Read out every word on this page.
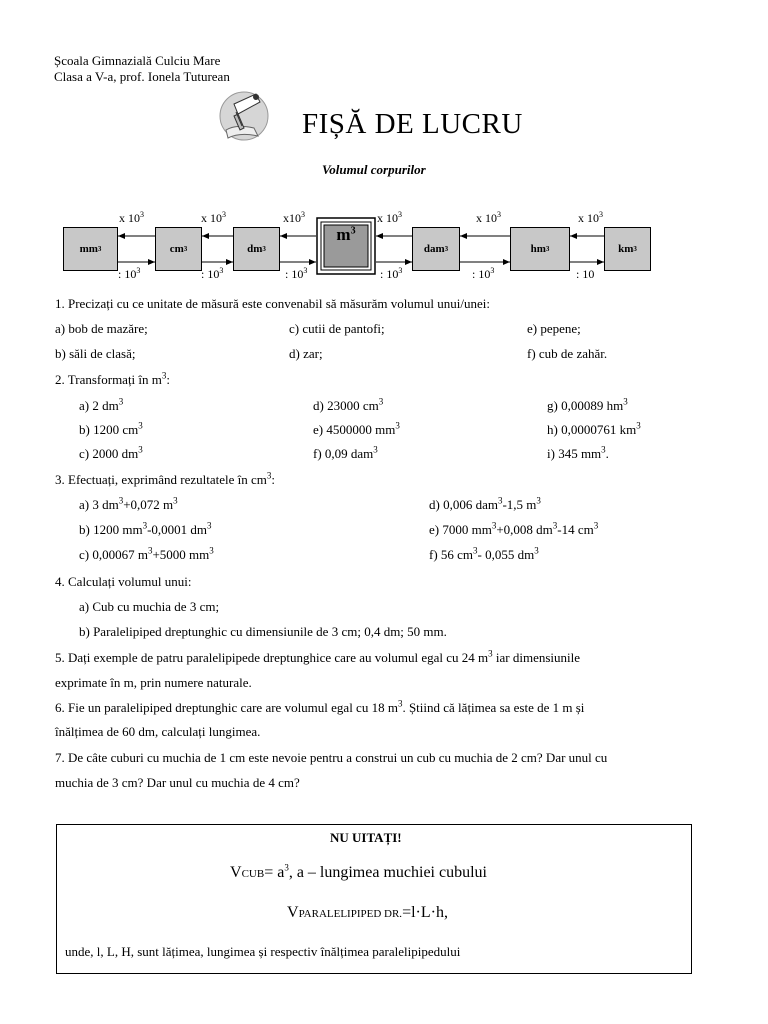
Școala Gimnazială Culciu Mare
Clasa a V-a, prof. Ionela Tuturean
FIȘĂ DE LUCRU
Volumul corpurilor
mm 3	cm 3	dm 3
$m^3$
dam 3	hm 3	km 3
x $10^3$	x $10^3$	$x10^3$	x $10^3$	x $10^3$	x $10^3$
: $10^3$	: $10^3$	: $10^3$	: $10^3$	: $10^3$	: 10
1. Precizați cu ce unitate de măsură este convenabil să măsurăm volumul unui/unei:
a) bob de mazăre;	c) cutii de pantofi;	e) pepene;
b) săli de clasă;	d) zar;	f) cub de zahăr.
2. Transformați în $m^3$:
a) 2 $dm^3$	d) 23000 $cm^3$	g) 0,00089 $hm^3$
b) 1200 $cm^3$	e) 4500000 $mm^3$	h) 0,0000761 $km^3$
c) 2000 $dm^3$	f) 0,09 dam$^3$	i) 345 $mm^3$.
3. Efectuați, exprimând rezultatele în $cm^3$:
a) 3 $dm^3+0,072$ $m^3$	d) 0,006 dam$^3$-1,5 $m^3$
b) 1200 $mm^3-0,0001$ $dm^3$	e) 7000 $mm^3+0,008$ $dm^3-14$ $cm^3$
c) 0,00067 $m^3+5000$ $mm^3$	f) 56 $cm^3-$ 0,055 $dm^3$
4. Calculați volumul unui:
a) Cub cu muchia de 3 cm;
b) Paralelipiped dreptunghic cu dimensiunile de 3 cm; 0,4 dm; 50 mm.
5. Dați exemple de patru paralelipipede dreptunghice care au volumul egal cu 24 $m^3$ iar dimensiunile
exprimate în m, prin numere naturale.
6. Fie un paralelipiped dreptunghic care are volumul egal cu 18 $m^3$. Știind că lățimea sa este de 1 m și
înălțimea de 60 dm, calculați lungimea.
7. De câte cuburi cu muchia de 1 cm este nevoie pentru a construi un cub cu muchia de 2 cm? Dar unul cu
muchia de 3 cm? Dar unul cu muchia de 4 cm?
NU UITAȚI!
VCUB= $a^3$, a – lungimea muchiei cubului
VPARALELIPIPED DR.=l·L·h,
unde, l, L, H, sunt lățimea, lungimea și respectiv înălțimea paralelipipedului
